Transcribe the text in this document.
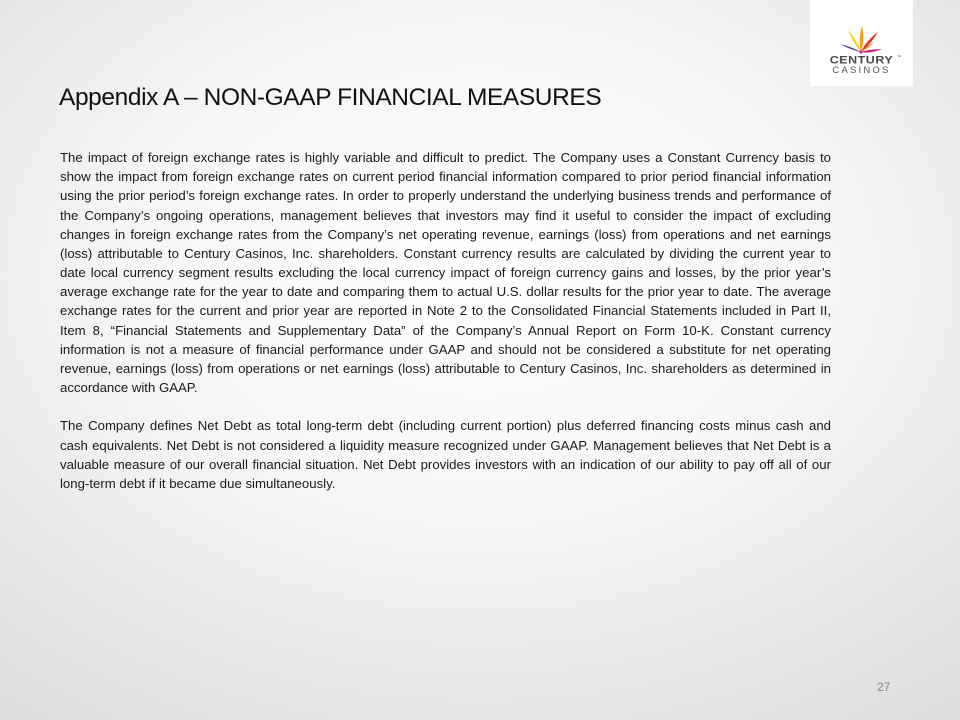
CENTURY ™
CASINOS
Appendix A – NON-GAAP FINANCIAL MEASURES

The impact of foreign exchange rates is highly variable and difficult to predict. The Company uses a Constant Currency basis to show the impact from foreign exchange rates on current period financial information compared to prior period financial information using the prior period’s foreign exchange rates. In order to properly understand the underlying business trends and performance of the Company’s ongoing operations, management believes that investors may find it useful to consider the impact of excluding changes in foreign exchange rates from the Company’s net operating revenue, earnings (loss) from operations and net earnings (loss) attributable to Century Casinos, Inc. shareholders. Constant currency results are calculated by dividing the current year to date local currency segment results excluding the local currency impact of foreign currency gains and losses, by the prior year’s average exchange rate for the year to date and comparing them to actual U.S. dollar results for the prior year to date. The average exchange rates for the current and prior year are reported in Note 2 to the Consolidated Financial Statements included in Part II, Item 8, “Financial Statements and Supplementary Data” of the Company’s Annual Report on Form 10-K. Constant currency information is not a measure of financial performance under GAAP and should not be considered a substitute for net operating revenue, earnings (loss) from operations or net earnings (loss) attributable to Century Casinos, Inc. shareholders as determined in accordance with GAAP.

The Company defines Net Debt as total long-term debt (including current portion) plus deferred financing costs minus cash and cash equivalents. Net Debt is not considered a liquidity measure recognized under GAAP. Management believes that Net Debt is a valuable measure of our overall financial situation. Net Debt provides investors with an indication of our ability to pay off all of our long-term debt if it became due simultaneously.

27
